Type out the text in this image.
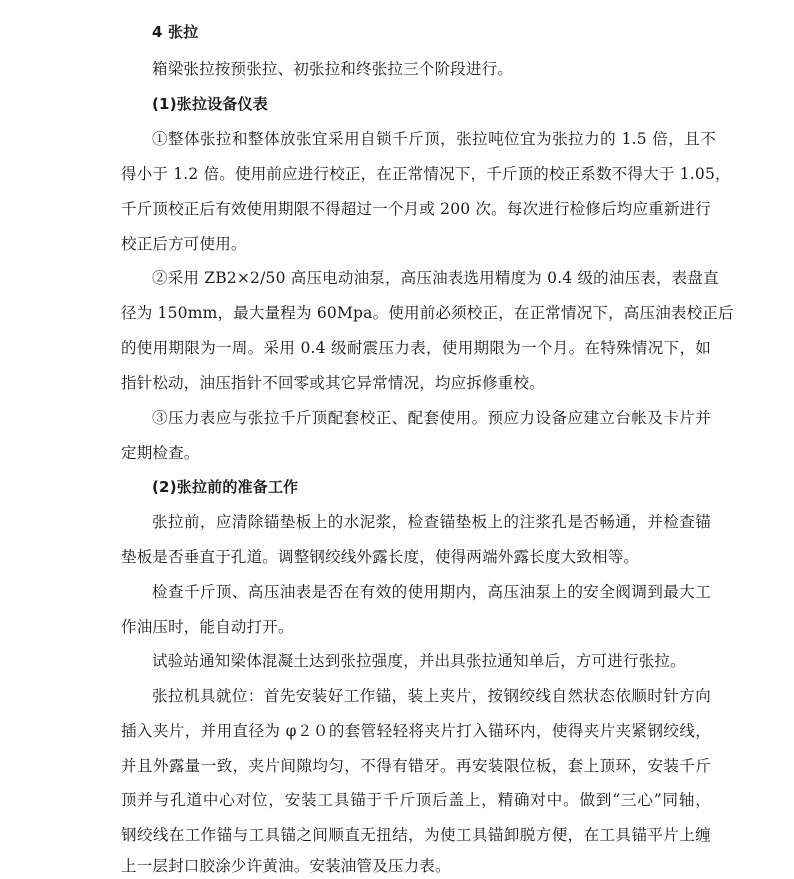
4 张拉
箱梁张拉按预张拉、初张拉和终张拉三个阶段进行。
(1)张拉设备仪表
①整体张拉和整体放张宜采用自锁千斤顶，张拉吨位宜为张拉力的 1.5 倍，且不
得小于 1.2 倍。使用前应进行校正，在正常情况下，千斤顶的校正系数不得大于 1.05，
千斤顶校正后有效使用期限不得超过一个月或 200 次。每次进行检修后均应重新进行
校正后方可使用。
②采用 ZB2×2/50 高压电动油泵，高压油表选用精度为 0.4 级的油压表，表盘直
径为 150mm，最大量程为 60Mpa。使用前必须校正，在正常情况下，高压油表校正后
的使用期限为一周。采用 0.4 级耐震压力表，使用期限为一个月。在特殊情况下，如
指针松动，油压指针不回零或其它异常情况，均应拆修重校。
③压力表应与张拉千斤顶配套校正、配套使用。预应力设备应建立台帐及卡片并
定期检查。
(2)张拉前的准备工作
张拉前，应清除锚垫板上的水泥浆，检查锚垫板上的注浆孔是否畅通，并检查锚
垫板是否垂直于孔道。调整钢绞线外露长度，使得两端外露长度大致相等。
检查千斤顶、高压油表是否在有效的使用期内，高压油泵上的安全阀调到最大工
作油压时，能自动打开。
试验站通知梁体混凝土达到张拉强度，并出具张拉通知单后，方可进行张拉。
张拉机具就位：首先安装好工作锚，装上夹片，按钢绞线自然状态依顺时针方向
插入夹片，并用直径为 φ２０的套管轻轻将夹片打入锚环内，使得夹片夹紧钢绞线，
并且外露量一致，夹片间隙均匀，不得有错牙。再安装限位板，套上顶环，安装千斤
顶并与孔道中心对位，安装工具锚于千斤顶后盖上，精确对中。做到“三心”同轴，
钢绞线在工作锚与工具锚之间顺直无扭结，为使工具锚卸脱方便，在工具锚平片上缠
上一层封口胶涂少许黄油。安装油管及压力表。
